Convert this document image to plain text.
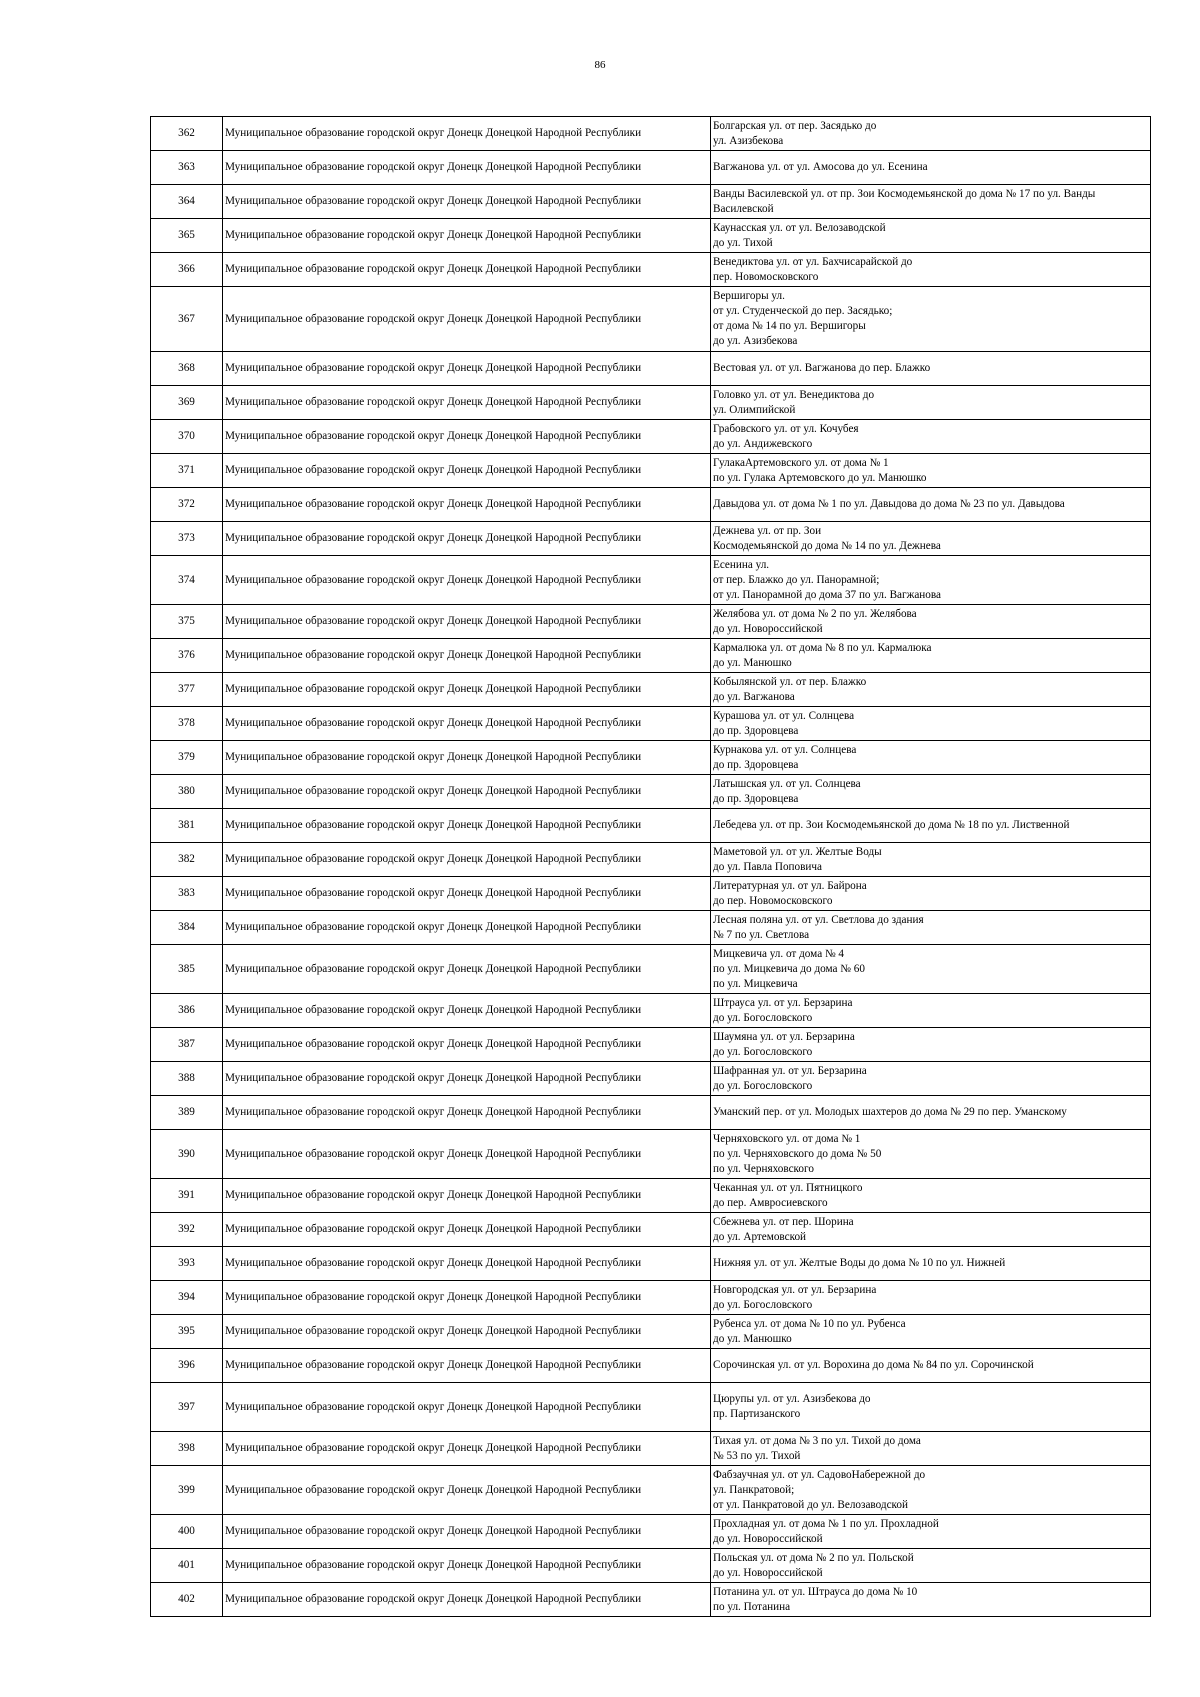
86
362	Муниципальное образование городской округ Донецк Донецкой Народной Республики	Болгарская ул. от пер. Засядько до
ул. Азизбекова
363	Муниципальное образование городской округ Донецк Донецкой Народной Республики	Вагжанова ул. от ул. Амосова до ул. Есенина
364	Муниципальное образование городской округ Донецк Донецкой Народной Республики	Ванды Василевской ул. от пр. Зои Космодемьянской до дома № 17 по ул. Ванды Василевской
365	Муниципальное образование городской округ Донецк Донецкой Народной Республики	Каунасская ул. от ул. Велозаводской
до ул. Тихой
366	Муниципальное образование городской округ Донецк Донецкой Народной Республики	Венедиктова ул. от ул. Бахчисарайской до
пер. Новомосковского
367	Муниципальное образование городской округ Донецк Донецкой Народной Республики	Вершигоры ул.
от ул. Студенческой до пер. Засядько;
от дома № 14 по ул. Вершигоры
до ул. Азизбекова
368	Муниципальное образование городской округ Донецк Донецкой Народной Республики	Вестовая ул. от ул. Вагжанова до пер. Блажко
369	Муниципальное образование городской округ Донецк Донецкой Народной Республики	Головко ул. от ул. Венедиктова до
ул. Олимпийской
370	Муниципальное образование городской округ Донецк Донецкой Народной Республики	Грабовского ул. от ул. Кочубея
до ул. Андижевского
371	Муниципальное образование городской округ Донецк Донецкой Народной Республики	ГулакаАртемовского ул. от дома № 1
по ул. Гулака Артемовского до ул. Манюшко
372	Муниципальное образование городской округ Донецк Донецкой Народной Республики	Давыдова ул. от дома № 1 по ул. Давыдова до дома № 23 по ул. Давыдова
373	Муниципальное образование городской округ Донецк Донецкой Народной Республики	Дежнева ул. от пр. Зои
Космодемьянской до дома № 14 по ул. Дежнева
374	Муниципальное образование городской округ Донецк Донецкой Народной Республики	Есенина ул.
от пер. Блажко до ул. Панорамной;
от ул. Панорамной до дома 37 по ул. Вагжанова
375	Муниципальное образование городской округ Донецк Донецкой Народной Республики	Желябова ул. от дома № 2 по ул. Желябова
до ул. Новороссийской
376	Муниципальное образование городской округ Донецк Донецкой Народной Республики	Кармалюка ул. от дома № 8 по ул. Кармалюка
до ул. Манюшко
377	Муниципальное образование городской округ Донецк Донецкой Народной Республики	Кобылянской ул. от пер. Блажко
до ул. Вагжанова
378	Муниципальное образование городской округ Донецк Донецкой Народной Республики	Курашова ул. от ул. Солнцева
до пр. Здоровцева
379	Муниципальное образование городской округ Донецк Донецкой Народной Республики	Курнакова ул. от ул. Солнцева
до пр. Здоровцева
380	Муниципальное образование городской округ Донецк Донецкой Народной Республики	Латышская ул. от ул. Солнцева
до пр. Здоровцева
381	Муниципальное образование городской округ Донецк Донецкой Народной Республики	Лебедева ул. от пр. Зои Космодемьянской до дома № 18 по ул. Лиственной
382	Муниципальное образование городской округ Донецк Донецкой Народной Республики	Маметовой ул. от ул. Желтые Воды
до ул. Павла Поповича
383	Муниципальное образование городской округ Донецк Донецкой Народной Республики	Литературная ул. от ул. Байрона
до пер. Новомосковского
384	Муниципальное образование городской округ Донецк Донецкой Народной Республики	Лесная поляна ул. от ул. Светлова до здания
№ 7 по ул. Светлова
385	Муниципальное образование городской округ Донецк Донецкой Народной Республики	Мицкевича ул. от дома № 4
по ул. Мицкевича до дома № 60
по ул. Мицкевича
386	Муниципальное образование городской округ Донецк Донецкой Народной Республики	Штрауса ул. от ул. Берзарина
до ул. Богословского
387	Муниципальное образование городской округ Донецк Донецкой Народной Республики	Шаумяна ул. от ул. Берзарина
до ул. Богословского
388	Муниципальное образование городской округ Донецк Донецкой Народной Республики	Шафранная ул. от ул. Берзарина
до ул. Богословского
389	Муниципальное образование городской округ Донецк Донецкой Народной Республики	Уманский пер. от ул. Молодых шахтеров до дома № 29 по пер. Уманскому
390	Муниципальное образование городской округ Донецк Донецкой Народной Республики	Черняховского ул. от дома № 1
по ул. Черняховского до дома № 50
по ул. Черняховского
391	Муниципальное образование городской округ Донецк Донецкой Народной Республики	Чеканная ул. от ул. Пятницкого
до пер. Амвросиевского
392	Муниципальное образование городской округ Донецк Донецкой Народной Республики	Сбежнева ул. от пер. Шорина
до ул. Артемовской
393	Муниципальное образование городской округ Донецк Донецкой Народной Республики	Нижняя ул. от ул. Желтые Воды до дома № 10 по ул. Нижней
394	Муниципальное образование городской округ Донецк Донецкой Народной Республики	Новгородская ул. от ул. Берзарина
до ул. Богословского
395	Муниципальное образование городской округ Донецк Донецкой Народной Республики	Рубенса ул. от дома № 10 по ул. Рубенса
до ул. Манюшко
396	Муниципальное образование городской округ Донецк Донецкой Народной Республики	Сорочинская ул. от ул. Ворохина до дома № 84 по ул. Сорочинской
397	Муниципальное образование городской округ Донецк Донецкой Народной Республики	Цюрупы ул. от ул. Азизбекова до
пр. Партизанского

398	Муниципальное образование городской округ Донецк Донецкой Народной Республики	Тихая ул. от дома № 3 по ул. Тихой до дома
№ 53 по ул. Тихой
399	Муниципальное образование городской округ Донецк Донецкой Народной Республики	Фабзаучная ул. от ул. СадовоНабережной до
ул. Панкратовой;
от ул. Панкратовой до ул. Велозаводской
400	Муниципальное образование городской округ Донецк Донецкой Народной Республики	Прохладная ул. от дома № 1 по ул. Прохладной
до ул. Новороссийской
401	Муниципальное образование городской округ Донецк Донецкой Народной Республики	Польская ул. от дома № 2 по ул. Польской
до ул. Новороссийской
402	Муниципальное образование городской округ Донецк Донецкой Народной Республики	Потанина ул. от ул. Штрауса до дома № 10
по ул. Потанина
